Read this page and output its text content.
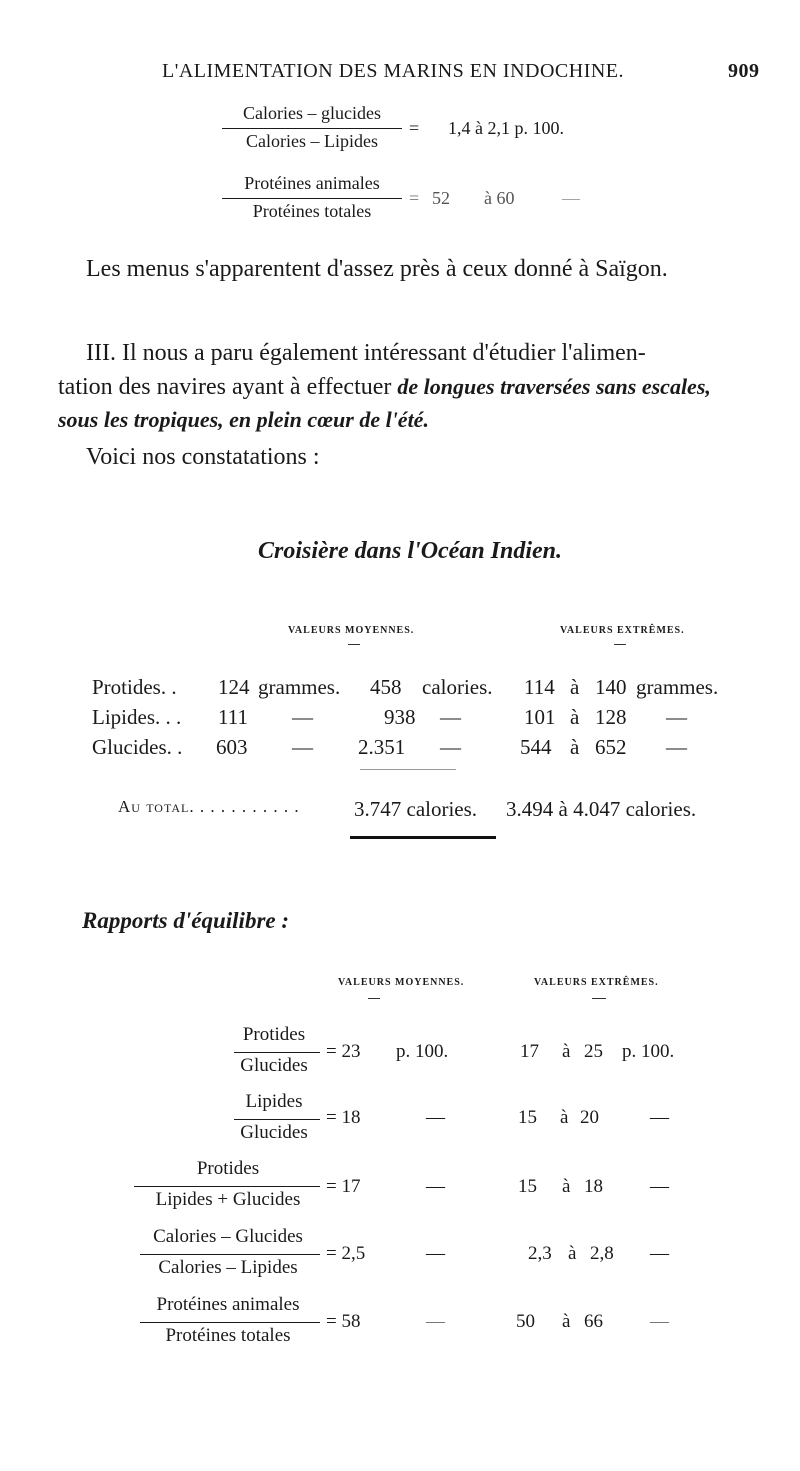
L'ALIMENTATION DES MARINS EN INDOCHINE.	909
Calories – glucides
Calories – Lipides
= 1,4 à 2,1 p. 100.
Protéines animales
Protéines totales
= 52 à 60	—
Les menus s'apparentent d'assez près à ceux donné à Saïgon.
III. Il nous a paru également intéressant d'étudier l'alimen-
tation des navires ayant à effectuer de longues traversées sans escales,
sous les tropiques, en plein cœur de l'été.
Voici nos constatations :
Croisière dans l'Océan Indien.
VALEURS MOYENNES.	VALEURS EXTRÊMES.
Protides. . 124 grammes. 458 calories. 114 à 140 grammes.
Lipides. . . 111 —	938 —	101 à 128 —
Glucides. . 603 — 2.351 —	544 à 652 —
Au total. . . . . . . . . . .	3.747 calories. 3.494 à 4.047 calories.
Rapports d'équilibre :
VALEURS MOYENNES.	VALEURS EXTRÊMES.
Protides
Glucides
= 23 p. 100.	17 à 25 p. 100.
Lipides
Glucides
= 18	—	15 à 20	—
Protides
Lipides + Glucides
= 17	—	15 à 18 —
Calories – Glucides
Calories – Lipides
= 2,5	—	2,3 à 2,8 —
Protéines animales
Protéines totales
= 58	—	50 à 66 —
